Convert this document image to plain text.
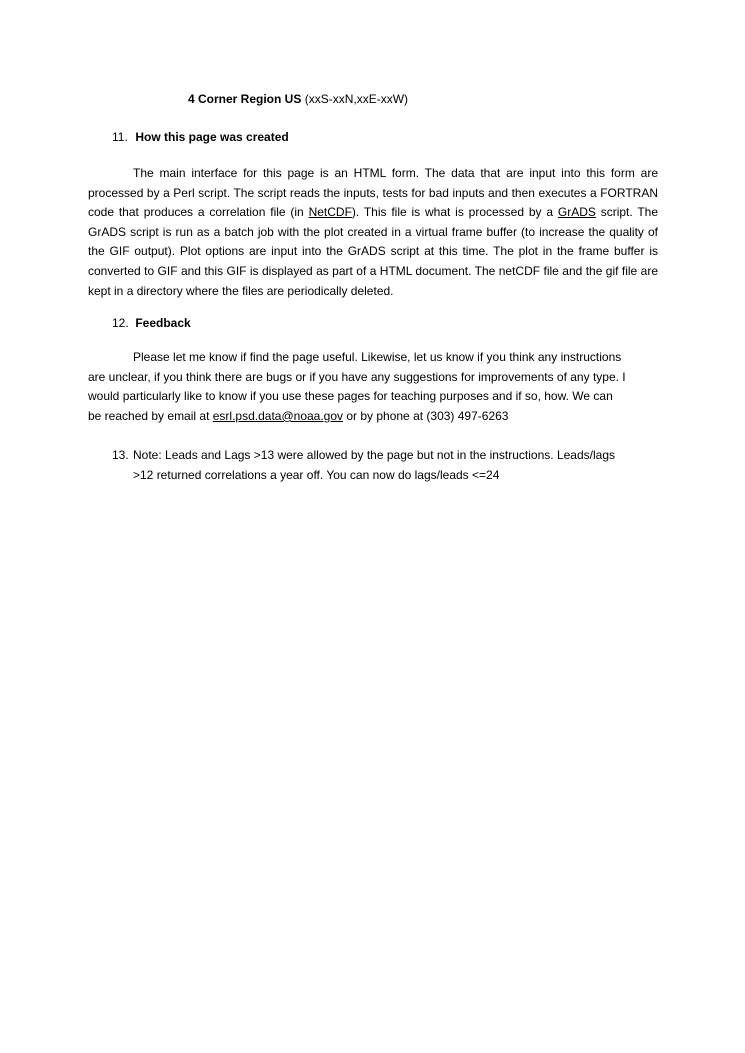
4 Corner Region US (xxS-xxN,xxE-xxW)
11. How this page was created
The main interface for this page is an HTML form. The data that are input into this form are processed by a Perl script. The script reads the inputs, tests for bad inputs and then executes a FORTRAN code that produces a correlation file (in NetCDF). This file is what is processed by a GrADS script. The GrADS script is run as a batch job with the plot created in a virtual frame buffer (to increase the quality of the GIF output). Plot options are input into the GrADS script at this time. The plot in the frame buffer is converted to GIF and this GIF is displayed as part of a HTML document. The netCDF file and the gif file are kept in a directory where the files are periodically deleted.
12. Feedback
Please let me know if find the page useful. Likewise, let us know if you think any instructions
are unclear, if you think there are bugs or if you have any suggestions for improvements of any type. I
would particularly like to know if you use these pages for teaching purposes and if so, how. We can
be reached by email at esrl.psd.data@noaa.gov or by phone at (303) 497-6263
13. Note: Leads and Lags >13 were allowed by the page but not in the instructions. Leads/lags
>12 returned correlations a year off. You can now do lags/leads <=24
